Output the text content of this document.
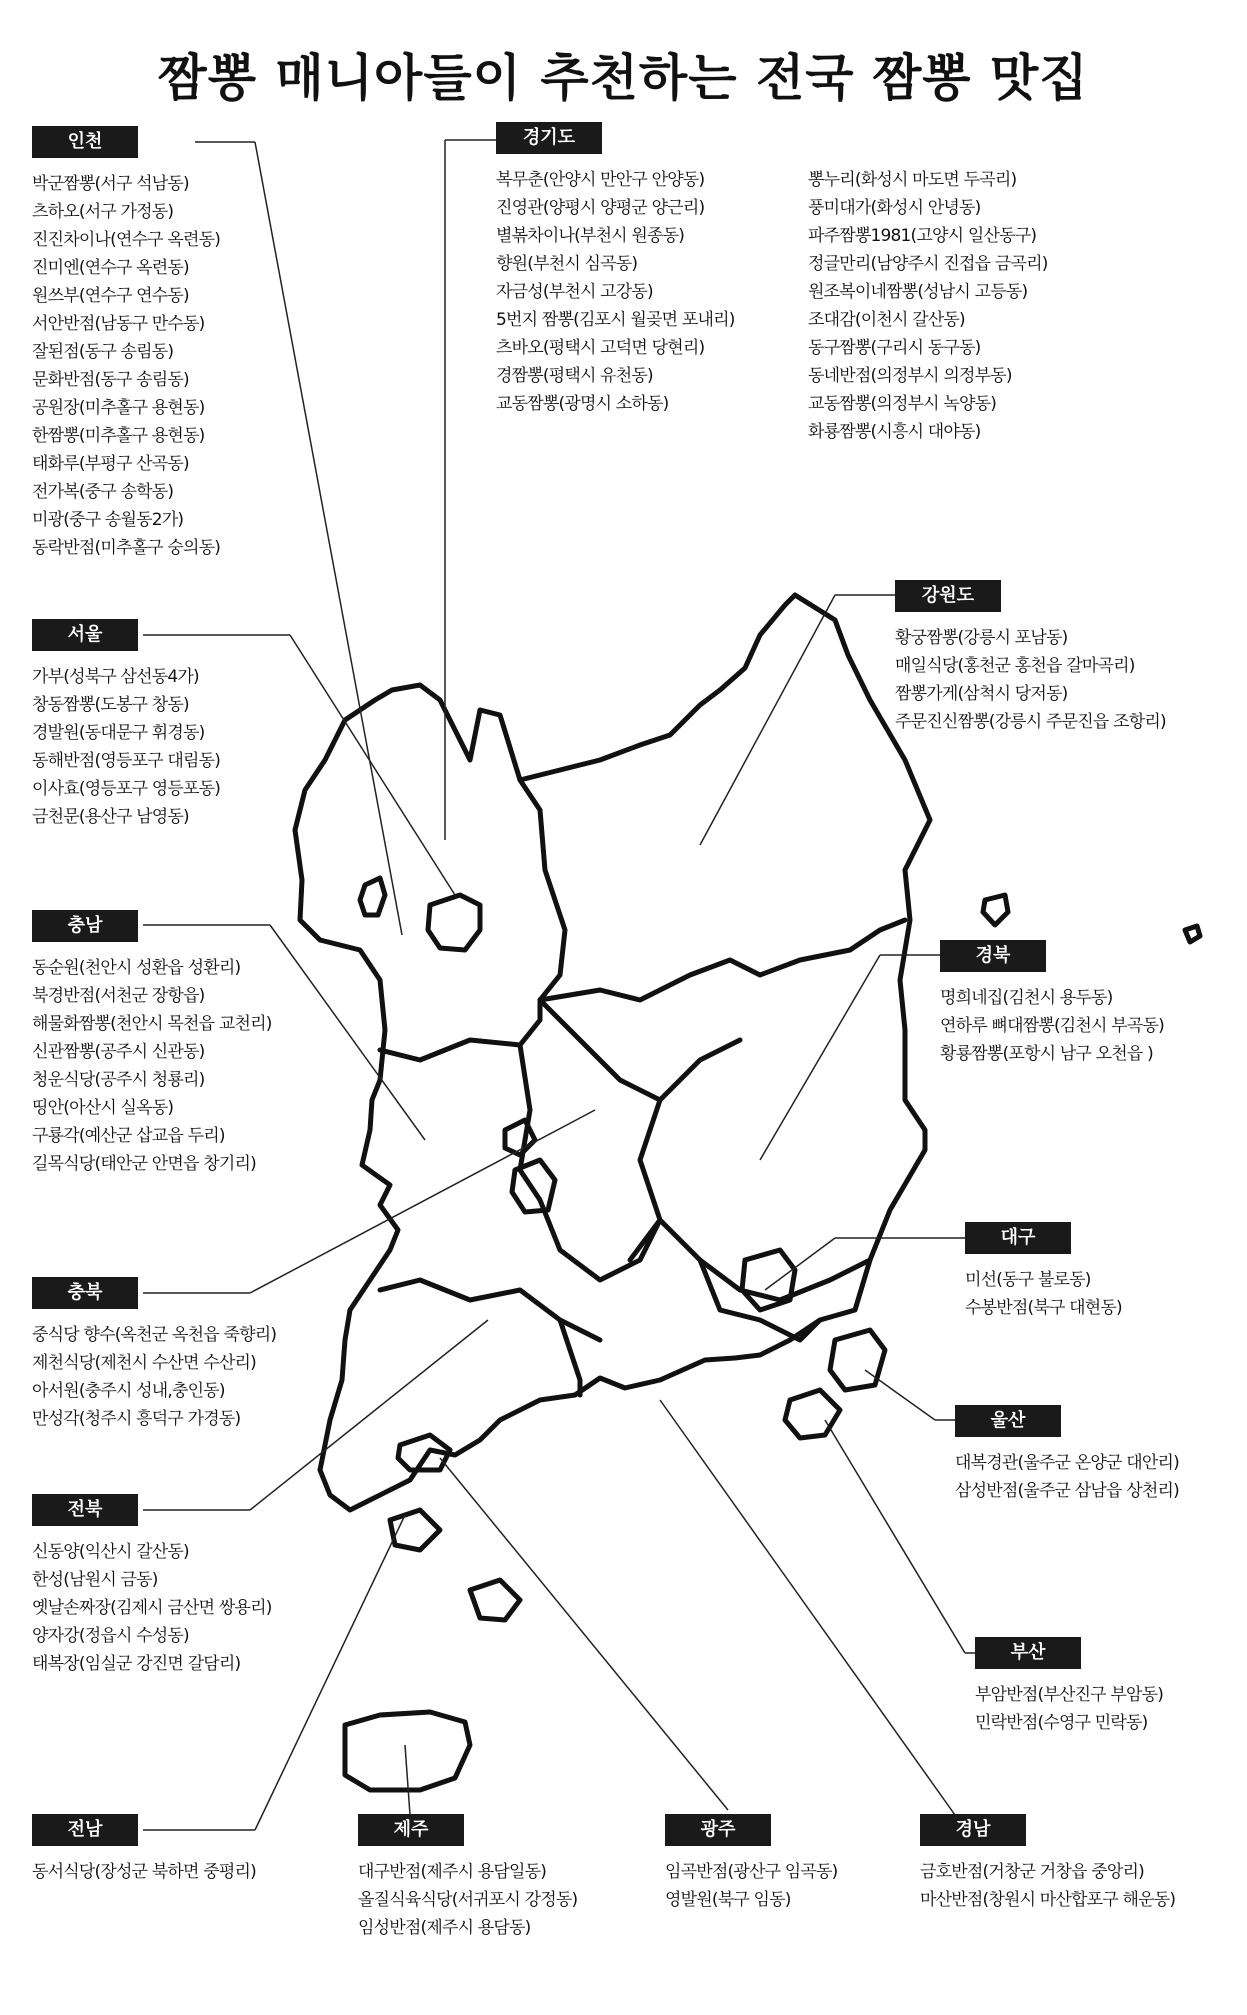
짬뽕 매니아들이 추천하는 전국 짬뽕 맛집
인천
박군짬뽕(서구 석남동)
츠하오(서구 가정동)
진진차이나(연수구 옥련동)
진미엔(연수구 옥련동)
원쓰부(연수구 연수동)
서안반점(남동구 만수동)
잘된점(동구 송림동)
문화반점(동구 송림동)
공원장(미추홀구 용현동)
한짬뽕(미추홀구 용현동)
태화루(부평구 산곡동)
전가복(중구 송학동)
미광(중구 송월동2가)
동락반점(미추홀구 숭의동)
경기도
복무춘(안양시 만안구 안양동)
진영관(양평시 양평군 양근리)
별볶차이나(부천시 원종동)
향원(부천시 심곡동)
자금성(부천시 고강동)
5번지 짬뽕(김포시 월곶면 포내리)
츠바오(평택시 고덕면 당현리)
경짬뽕(평택시 유천동)
교동짬뽕(광명시 소하동)
뽕누리(화성시 마도면 두곡리)
풍미대가(화성시 안녕동)
파주짬뽕1981(고양시 일산동구)
정글만리(남양주시 진접읍 금곡리)
원조복이네짬뽕(성남시 고등동)
조대감(이천시 갈산동)
동구짬뽕(구리시 동구동)
동네반점(의정부시 의정부동)
교동짬뽕(의정부시 녹양동)
화룡짬뽕(시흥시 대야동)
서울
가부(성북구 삼선동4가)
창동짬뽕(도봉구 창동)
경발원(동대문구 휘경동)
동해반점(영등포구 대림동)
이사효(영등포구 영등포동)
금천문(용산구 남영동)
강원도
황궁짬뽕(강릉시 포남동)
매일식당(홍천군 홍천읍 갈마곡리)
짬뽕가게(삼척시 당저동)
주문진신짬뽕(강릉시 주문진읍 조항리)
충남
동순원(천안시 성환읍 성환리)
북경반점(서천군 장항읍)
해물화짬뽕(천안시 목천읍 교천리)
신관짬뽕(공주시 신관동)
청운식당(공주시 청룡리)
띵안(아산시 실옥동)
구룡각(예산군 삽교읍 두리)
길목식당(태안군 안면읍 창기리)
경북
명희네집(김천시 용두동)
연하루 뼈대짬뽕(김천시 부곡동)
황룡짬뽕(포항시 남구 오천읍 )
대구
미선(동구 불로동)
수봉반점(북구 대현동)
충북
중식당 향수(옥천군 옥천읍 죽향리)
제천식당(제천시 수산면 수산리)
아서원(충주시 성내,충인동)
만성각(청주시 흥덕구 가경동)	울산
대복경관(울주군 온양군 대안리)
삼성반점(울주군 삼남읍 상천리)
전북
신동양(익산시 갈산동)
한성(남원시 금동)
옛날손짜장(김제시 금산면 쌍용리)
양자강(정읍시 수성동)
태복장(임실군 강진면 갈담리)
부산
부암반점(부산진구 부암동)
민락반점(수영구 민락동)
전남
동서식당(장성군 북하면 중평리)
제주
대구반점(제주시 용담일동)
올질식육식당(서귀포시 강정동)
임성반점(제주시 용담동)
광주
임곡반점(광산구 임곡동)
영발원(북구 임동)
경남
금호반점(거창군 거창읍 중앙리)
마산반점(창원시 마산합포구 해운동)
